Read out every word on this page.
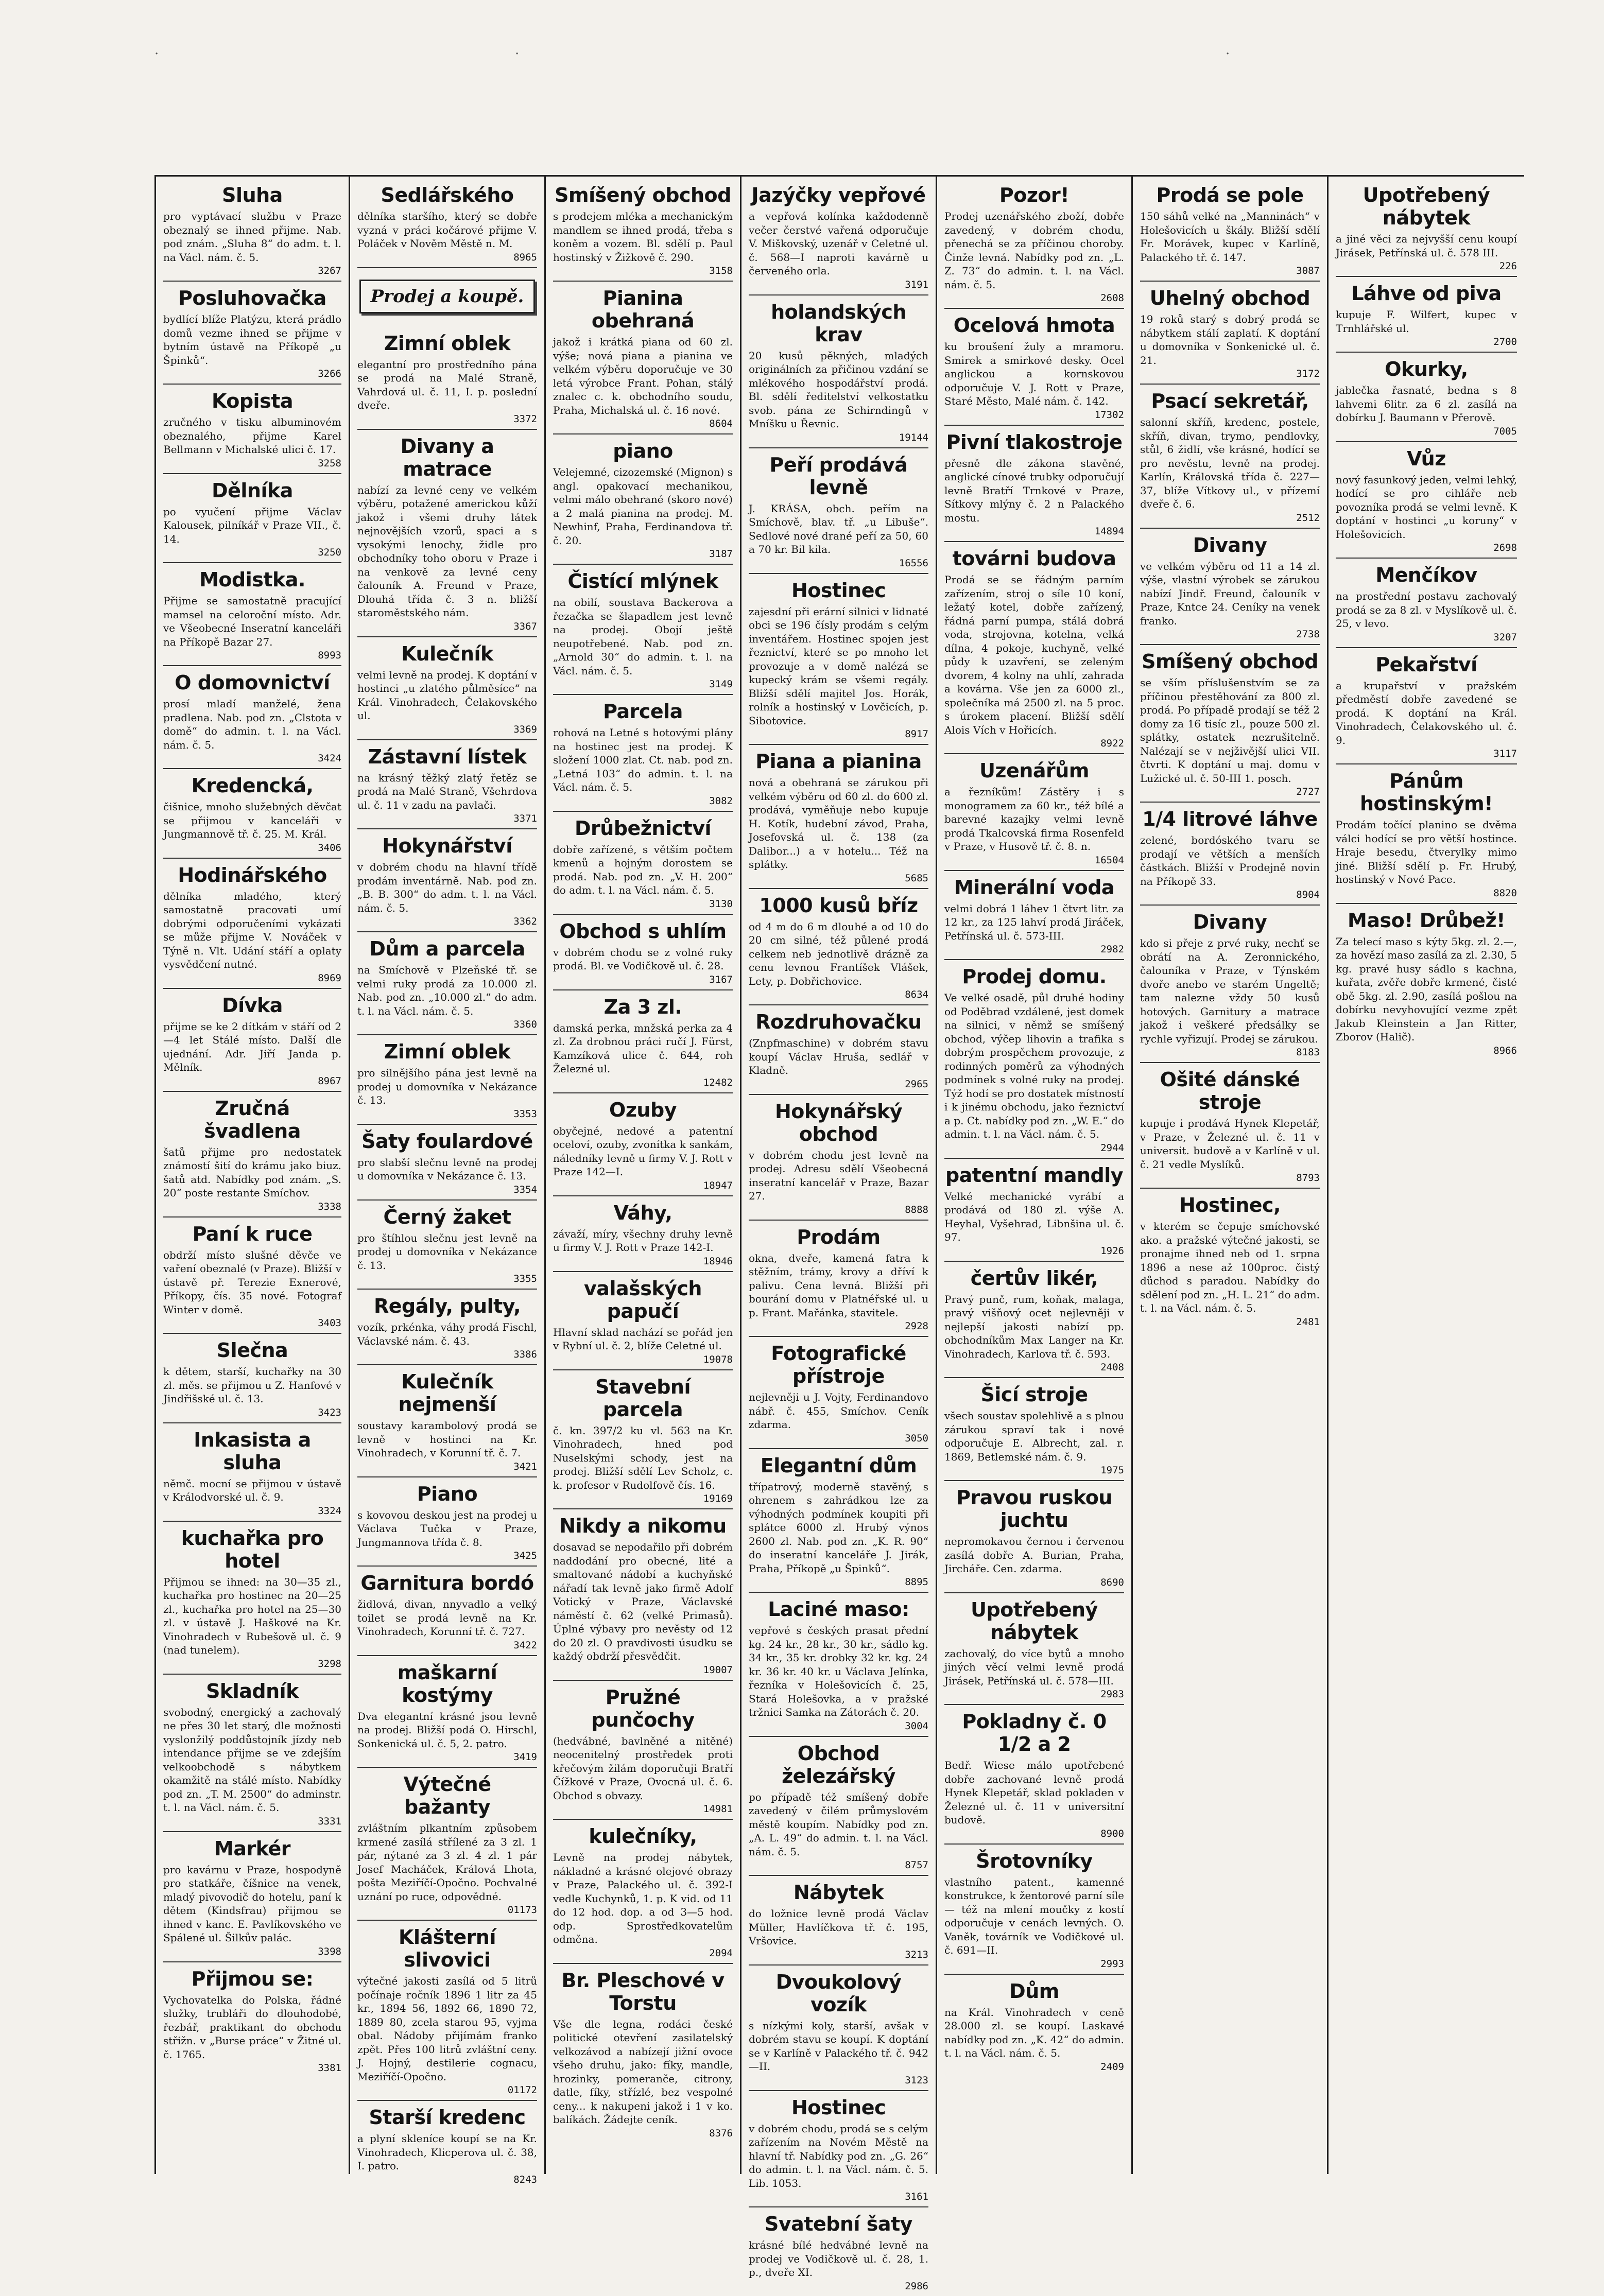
·	·	·
Sluha
pro vyptávací službu v Praze obeznalý se ihned přijme. Nab. pod znám. „Sluha 8“ do adm. t. l. na Václ. nám. č. 5.
3267
Posluhovačka
bydlící blíže Platýzu, která prádlo domů vezme ihned se přijme v bytním ústavě na Příkopě „u Špinků“.
3266
Kopista
zručného v tisku albuminovém obeznalého, přijme Karel Bellmann v Michalské ulici č. 17.
3258
Dělníka
po vyučení přijme Václav Kalousek, pilníkář v Praze VII., č. 14.
3250
Modistka.
Přijme se samostatně pracující mamsel na celoroční místo. Adr. ve Všeobecné Inseratní kanceláři na Příkopě Bazar 27.
8993
O domovnictví
prosí mladí manželé, žena pradlena. Nab. pod zn. „Clstota v domě“ do admin. t. l. na Václ. nám. č. 5.
3424
Kredencká,
čišnice, mnoho služebných děvčat se přijmou v kanceláři v Jungmannově tř. č. 25. M. Král.
3406
Hodinářského
dělníka mladého, který samostatně pracovati umí dobrými odporučeními vykázati se může přijme V. Nováček v Týně n. Vlt. Udání stáří a oplaty vysvědčení nutné.
8969
Dívka
přijme se ke 2 dítkám v stáří od 2—4 let Stálé místo. Další dle ujednání. Adr. Jiří Janda p. Mělník.
8967
Zručná švadlena
šatů přijme pro nedostatek známostí šití do krámu jako biuz. šatů atd. Nabídky pod znám. „S. 20“ poste restante Smíchov.
3338
Paní k ruce
obdrží místo slušné děvče ve vaření obeznalé (v Praze). Bližší v ústavě př. Terezie Exnerové, Příkopy, čís. 35 nové. Fotograf Winter v domě.
3403
Slečna
k dětem, starší, kuchařky na 30 zl. měs. se přijmou u Z. Hanfové v Jindřišské ul. č. 13.
3423
Inkasista a sluha
němč. mocní se přijmou v ústavě v Králodvorské ul. č. 9.
3324
kuchařka pro hotel
Přijmou se ihned: na 30—35 zl., kuchařka pro hostinec na 20—25 zl., kuchařka pro hotel na 25—30 zl. v ústavě J. Haškové na Kr. Vinohradech v Rubešově ul. č. 9 (nad tunelem).
3298
Skladník
svobodný, energický a zachovalý ne přes 30 let starý, dle možnosti vyslonžilý poddůstojník jízdy neb intendance přijme se ve zdejším velkoobchodě s nábytkem okamžitě na stálé místo. Nabídky pod zn. „T. M. 2500“ do adminstr. t. l. na Václ. nám. č. 5.
3331
Markér
pro kavárnu v Praze, hospodyně pro statkáře, číšnice na venek, mladý pivovodič do hotelu, paní k dětem (Kindsfrau) přijmou se ihned v kanc. E. Pavlíkovského ve Spálené ul. Šilkův palác.
3398
Přijmou se:
Vychovatelka do Polska, řádné služky, trubláři do dlouhodobé, řezbář, praktikant do obchodu střižn. v „Burse práce“ v Žitné ul. č. 1765.
3381
Sedlářského
dělníka staršího, který se dobře vyzná v práci kočárové přijme V. Poláček v Nověm Městě n. M.
8965
Prodej a koupě.
Zimní oblek
elegantní pro prostředního pána se prodá na Malé Straně, Vahrdová ul. č. 11, I. p. poslední dveře.
3372
Divany a matrace
nabízí za levné ceny ve velkém výběru, potažené americkou kůží jakož i všemi druhy látek nejnovějších vzorů, spaci a s vysokými lenochy, židle pro obchodníky toho oboru v Praze i na venkově za levné ceny čalouník A. Freund v Praze, Dlouhá třída č. 3 n. bližší staroměstského nám.
3367
Kulečník
velmi levně na prodej. K doptání v hostinci „u zlatého půlměsíce“ na Král. Vinohradech, Čelakovského ul.
3369
Zástavní lístek
na krásný těžký zlatý řetěz se prodá na Malé Straně, Všehrdova ul. č. 11 v zadu na pavlači.
3371
Hokynářství
v dobrém chodu na hlavní třídě prodám inventárně. Nab. pod zn. „B. B. 300“ do adm. t. l. na Václ. nám. č. 5.
3362
Dům a parcela
na Smíchově v Plzeňské tř. se velmi ruky prodá za 10.000 zl. Nab. pod zn. „10.000 zl.“ do adm. t. l. na Václ. nám. č. 5.
3360
Zimní oblek
pro silnějšího pána jest levně na prodej u domovníka v Nekázance č. 13.
3353
Šaty foulardové
pro slabší slečnu levně na prodej u domovníka v Nekázance č. 13.
3354
Černý žaket
pro štíhlou slečnu jest levně na prodej u domovníka v Nekázance č. 13.
3355
Regály, pulty,
vozík, prkénka, váhy prodá Fischl, Václavské nám. č. 43.
3386
Kulečník nejmenší
soustavy karambolový prodá se levně v hostinci na Kr. Vinohradech, v Korunní tř. č. 7.
3421
Piano
s kovovou deskou jest na prodej u Václava Tučka v Praze, Jungmannova třída č. 8.
3425
Garnitura bordó
židlová, divan, nnyvadlo a velký toilet se prodá levně na Kr. Vinohradech, Korunní tř. č. 727.
3422
maškarní kostýmy
Dva elegantní krásné jsou levně na prodej. Bližší podá O. Hirschl, Sonkenická ul. č. 5, 2. patro.
3419
Výtečné bažanty
zvláštním plkantním způsobem krmené zasílá střílené za 3 zl. 1 pár, nýtané za 3 zl. 4 zl. 1 pár Josef Macháček, Králová Lhota, pošta Meziříčí-Opočno. Pochvalné uznání po ruce, odpovědné.
01173
Klášterní slivovici
výtečné jakosti zasílá od 5 litrů počínaje ročník 1896 1 litr za 45 kr., 1894 56, 1892 66, 1890 72, 1889 80, zcela starou 95, vyjma obal. Nádoby přijímám franko zpět. Přes 100 litrů zvláštní ceny. J. Hojný, destilerie cognacu, Meziříčí-Opočno.
01172
Starší kredenc
a plyní skleníce koupí se na Kr. Vinohradech, Klicperova ul. č. 38, I. patro.
8243
Smíšený obchod
s prodejem mléka a mechanickým mandlem se ihned prodá, třeba s koněm a vozem. Bl. sdělí p. Paul hostinský v Žižkově č. 290.
3158
Pianina obehraná
jakož i krátká piana od 60 zl. výše; nová piana a pianina ve velkém výběru doporučuje ve 30 letá výrobce Frant. Pohan, stálý znalec c. k. obchodního soudu, Praha, Michalská ul. č. 16 nové.
8604
piano
Velejemné, cizozemské (Mignon) s angl. opakovací mechanikou, velmi málo obehrané (skoro nové) a 2 malá pianina na prodej. M. Newhinf, Praha, Ferdinandova tř. č. 20.
3187
Čistící mlýnek
na obilí, soustava Backerova a řezačka se šlapadlem jest levně na prodej. Obojí ještě neupotřebené. Nab. pod zn. „Arnold 30“ do admin. t. l. na Václ. nám. č. 5.
3149
Parcela
rohová na Letné s hotovými plány na hostinec jest na prodej. K složení 1000 zlat. Ct. nab. pod zn. „Letná 103“ do admin. t. l. na Václ. nám. č. 5.
3082
Drůbežnictví
dobře zařízené, s větším počtem kmenů a hojným dorostem se prodá. Nab. pod zn. „V. H. 200“ do adm. t. l. na Václ. nám. č. 5.
3130
Obchod s uhlím
v dobrém chodu se z volné ruky prodá. Bl. ve Vodičkově ul. č. 28.
3167
Za 3 zl.
damská perka, mnžská perka za 4 zl. Za drobnou práci ručí J. Fürst, Kamzíková ulice č. 644, roh Železné ul.
12482
Ozuby
obyčejné, nedové a patentní oceloví, ozuby, zvonítka k sankám, náledníky levně u firmy V. J. Rott v Praze 142—I.
18947
Váhy,
závaží, míry, všechny druhy levně u firmy V. J. Rott v Praze 142-I.
18946
valašských papučí
Hlavní sklad nachází se pořád jen v Rybní ul. č. 2, blíže Celetné ul.
19078
Stavební parcela
č. kn. 397/2 ku vl. 563 na Kr. Vinohradech, hned pod Nuselskými schody, jest na prodej. Bližší sdělí Lev Scholz, c. k. profesor v Rudolfově čís. 16.
19169
Nikdy a nikomu
dosavad se nepodařilo při dobrém naddodání pro obecné, lité a smaltované nádobí a kuchyňské nářadí tak levně jako firmě Adolf Votický v Praze, Václavské náměstí č. 62 (velké Primasů). Úplné výbavy pro nevěsty od 12 do 20 zl. O pravdivosti úsudku se každý obdrží přesvědčit.
19007
Pružné punčochy
(hedvábné, bavlněné a nitěné) neocenitelný prostředek proti křečovým žilám doporučuji Bratří Čížkové v Praze, Ovocná ul. č. 6. Obchod s obvazy.
14981
kulečníky,
Levně na prodej nábytek, nákladné a krásné olejové obrazy v Praze, Palackého ul. č. 392-I vedle Kuchynků, 1. p. K vid. od 11 do 12 hod. dop. a od 3—5 hod. odp. Sprostředkovatelům odměna.
2094
Br. Pleschové v Torstu
Vše dle legna, rodáci české politické otevření zasilatelský velkozávod a nabízejí jižní ovoce všeho druhu, jako: fíky, mandle, hrozinky, pomeranče, citrony, datle, fíky, střízlé, bez vespolné ceny... k nakupeni jakož i 1 v ko. balíkách. Žádejte ceník.
8376
Jazýčky vepřové
a vepřová kolínka každodenně večer čerstvé vařená odporučuje V. Miškovský, uzenář v Celetné ul. č. 568—I naproti kavárně u červeného orla.
3191
holandských krav
20 kusů pěkných, mladých originálních za přičinou vzdání se mlékového hospodářství prodá. Bl. sdělí ředitelství velkostatku svob. pána ze Schirndingů v Mníšku u Řevnic.
19144
Peří prodává levně
J. KRÁSA, obch. peřím na Smíchově, blav. tř. „u Libuše“. Sedlové nové drané peří za 50, 60 a 70 kr. Bil kila.
16556
Hostinec
zajesdní při erární silnici v lidnaté obci se 196 čísly prodám s celým inventářem. Hostinec spojen jest řeznictví, které se po mnoho let provozuje a v domě nalézá se kupecký krám se všemi regály. Bližší sdělí majitel Jos. Horák, rolník a hostinský v Lovčicích, p. Sibotovice.
8917
Piana a pianina
nová a obehraná se zárukou při velkém výběru od 60 zl. do 600 zl. prodává, vyměňuje nebo kupuje H. Kotík, hudební závod, Praha, Josefovská ul. č. 138 (za Dalibor...) a v hotelu... Též na splátky.
5685
1000 kusů bříz
od 4 m do 6 m dlouhé a od 10 do 20 cm silné, též půlené prodá celkem neb jednotlivě drázně za cenu levnou Frantíšek Vlášek, Lety, p. Dobřichovice.
8634
Rozdruhovačku
(Znpfmaschine) v dobrém stavu koupí Václav Hruša, sedlář v Kladně.
2965
Hokynářský obchod
v dobrém chodu jest levně na prodej. Adresu sdělí Všeobecná inseratní kancelář v Praze, Bazar 27.
8888
Prodám
okna, dveře, kamená fatra k stěžním, trámy, krovy a dříví k palivu. Cena levná. Bližší při bourání domu v Platnéřské ul. u p. Frant. Mařánka, stavitele.
2928
Fotografické přístroje
nejlevněji u J. Vojty, Ferdinandovo nábř. č. 455, Smíchov. Ceník zdarma.
3050
Elegantní dům
třípatrový, moderně stavěný, s ohrenem s zahrádkou lze za výhodných podmínek koupiti při splátce 6000 zl. Hrubý výnos 2600 zl. Nab. pod zn. „K. R. 90“ do inseratní kanceláře J. Jirák, Praha, Příkopě „u Špinků“.
8895
Laciné maso:
vepřové s českých prasat přední kg. 24 kr., 28 kr., 30 kr., sádlo kg. 34 kr., 35 kr. drobky 32 kr. kg. 24 kr. 36 kr. 40 kr. u Václava Jelínka, řezníka v Holešovicích č. 25, Stará Holešovka, a v pražské tržnici Samka na Zátorách č. 20.
3004
Obchod železářský
po případě též smíšený dobře zavedený v čilém průmyslovém městě koupím. Nabídky pod zn. „A. L. 49“ do admin. t. l. na Václ. nám. č. 5.
8757
Nábytek
do ložnice levně prodá Václav Müller, Havlíčkova tř. č. 195, Vršovice.
3213
Dvoukolový vozík
s nízkými koly, starší, avšak v dobrém stavu se koupí. K doptání se v Karlíně v Palackého tř. č. 942—II.
3123
Hostinec
v dobrém chodu, prodá se s celým zařízením na Novém Městě na hlavní tř. Nabídky pod zn. „G. 26“ do admin. t. l. na Václ. nám. č. 5. Lib. 1053.
3161
Svatební šaty
krásné bílé hedvábné levně na prodej ve Vodičkově ul. č. 28, 1. p., dveře XI.
2986
Pozor!
Prodej uzenářského zboží, dobře zavedený, v dobrém chodu, přenechá se za příčinou choroby. Činže levná. Nabídky pod zn. „L. Z. 73“ do admin. t. l. na Václ. nám. č. 5.
2608
Ocelová hmota
ku broušení žuly a mramoru. Smirek a smirkové desky. Ocel anglickou a kornskovou odporučuje V. J. Rott v Praze, Staré Město, Malé nám. č. 142.
17302
Pivní tlakostroje
přesně dle zákona stavěné, anglické cínové trubky odporučují levně Bratří Trnkové v Praze, Sítkovy mlýny č. 2 n Palackého mostu.
14894
továrni budova
Prodá se se řádným parním zařízením, stroj o síle 10 koní, ležatý kotel, dobře zařízený, řádná parní pumpa, stálá dobrá voda, strojovna, kotelna, velká dílna, 4 pokoje, kuchyně, velké půdy k uzavření, se zeleným dvorem, 4 kolny na uhlí, zahrada a kovárna. Vše jen za 6000 zl., společníka má 2500 zl. na 5 proc. s úrokem placení. Bližší sdělí Alois Vích v Hořicích.
8922
Uzenářům
a řezníkům! Zástěry i s monogramem za 60 kr., též bílé a barevné kazajky velmi levně prodá Tkalcovská firma Rosenfeld v Praze, v Husově tř. č. 8. n.
16504
Minerální voda
velmi dobrá 1 láhev 1 čtvrt litr. za 12 kr., za 125 lahví prodá Jiráček, Petřínská ul. č. 573-III.
2982
Prodej domu.
Ve velké osadě, půl druhé hodiny od Poděbrad vzdálené, jest domek na silnici, v němž se smíšený obchod, výčep lihovin a trafika s dobrým prospěchem provozuje, z rodinných poměrů za výhodných podmínek s volné ruky na prodej. Týž hodí se pro dostatek místností i k jinému obchodu, jako řeznictví a p. Ct. nabídky pod zn. „W. E.“ do admin. t. l. na Václ. nám. č. 5.
2944
patentní mandly
Velké mechanické vyrábí a prodává od 180 zl. výše A. Heyhal, Vyšehrad, Libnšina ul. č. 97.
1926
čertův likér,
Pravý punč, rum, koňak, malaga, pravý višňový ocet nejlevněji v nejlepší jakosti nabízí pp. obchodníkům Max Langer na Kr. Vinohradech, Karlova tř. č. 593.
2408
Šicí stroje
všech soustav spolehlivě a s plnou zárukou spraví tak i nové odporučuje E. Albrecht, zal. r. 1869, Betlemské nám. č. 9.
1975
Pravou ruskou juchtu
nepromokavou černou i červenou zasílá dobře A. Burian, Praha, Jircháře. Cen. zdarma.
8690
Upotřebený nábytek
zachovalý, do více bytů a mnoho jiných věcí velmi levně prodá Jirásek, Petřínská ul. č. 578—III.
2983
Pokladny č. 0 1/2 a 2
Bedř. Wiese málo upotřebené dobře zachované levně prodá Hynek Klepetář, sklad pokladen v Železné ul. č. 11 v universitní budově.
8900
Šrotovníky
vlastního patent., kamenné konstrukce, k žentorové parní síle — též na mlení moučky z kostí odporučuje v cenách levných. O. Vaněk, továrník ve Vodičkové ul. č. 691—II.
2993
Dům
na Král. Vinohradech v ceně 28.000 zl. se koupí. Laskavé nabídky pod zn. „K. 42“ do admin. t. l. na Václ. nám. č. 5.
2409
Prodá se pole
150 sáhů velké na „Manninách“ v Holešovicích u škály. Bližší sdělí Fr. Morávek, kupec v Karlíně, Palackého tř. č. 147.
3087
Uhelný obchod
19 roků starý s dobrý prodá se nábytkem stálí zaplatí. K doptání u domovníka v Sonkenické ul. č. 21.
3172
Psací sekretář,
salonní skříň, kredenc, postele, skříň, divan, trymo, pendlovky, stůl, 6 židlí, vše krásné, hodící se pro nevěstu, levně na prodej. Karlín, Královská třída č. 227—37, blíže Vítkovy ul., v přízemí dveře č. 6.
2512
Divany
ve velkém výběru od 11 a 14 zl. výše, vlastní výrobek se zárukou nabízí Jindř. Freund, čalouník v Praze, Kntce 24. Ceníky na venek franko.
2738
Smíšený obchod
se vším příslušenstvím se za příčinou přestěhování za 800 zl. prodá. Po případě prodají se též 2 domy za 16 tisíc zl., pouze 500 zl. splátky, ostatek nezrušitelně. Nalézají se v nejživější ulici VII. čtvrti. K doptání u maj. domu v Lužické ul. č. 50-III 1. posch.
2727
1/4 litrové láhve
zelené, bordóského tvaru se prodají ve větších a menších částkách. Bližší v Prodejně novin na Příkopě 33.
8904
Divany
kdo si přeje z prvé ruky, nechť se obrátí na A. Zeronnického, čalouníka v Praze, v Týnském dvoře anebo ve starém Ungeltě; tam nalezne vždy 50 kusů hotových. Garnitury a matrace jakož i veškeré předsálky se rychle vyřizují. Prodej se zárukou.
8183
Ošité dánské stroje
kupuje i prodává Hynek Klepetář, v Praze, v Železné ul. č. 11 v universit. budově a v Karlíně v ul. č. 21 vedle Myslíků.
8793
Hostinec,
v kterém se čepuje smíchovské ako. a pražské výtečné jakosti, se pronajme ihned neb od 1. srpna 1896 a nese až 100proc. čistý důchod s paradou. Nabídky do sdělení pod zn. „H. L. 21“ do adm. t. l. na Václ. nám. č. 5.
2481
Upotřebený nábytek
a jiné věci za nejvyšší cenu koupí Jirásek, Petřínská ul. č. 578 III.
226
Láhve od piva
kupuje F. Wilfert, kupec v Trnhlářské ul.
2700
Okurky,
jablečka řasnaté, bedna s 8 lahvemi 6litr. za 6 zl. zasílá na dobírku J. Baumann v Přerově.
7005
Vůz
nový fasunkový jeden, velmi lehký, hodící se pro cihláře neb povozníka prodá se velmi levně. K doptání v hostinci „u koruny“ v Holešovicích.
2698
Menčíkov
na prostřední postavu zachovalý prodá se za 8 zl. v Myslíkově ul. č. 25, v levo.
3207
Pekařství
a krupařství v pražském předměstí dobře zavedené se prodá. K doptání na Král. Vinohradech, Čelakovského ul. č. 9.
3117
Pánům hostinským!
Prodám točící planino se dvěma válci hodící se pro větší hostince. Hraje besedu, čtverylky mimo jiné. Bližší sdělí p. Fr. Hrubý, hostinský v Nové Pace.
8820
Maso! Drůbež!
Za telecí maso s kýty 5kg. zl. 2.—, za hovězí maso zasílá za zl. 2.30, 5 kg. pravé husy sádlo s kachna, kuřata, zvěře dobře krmené, čisté obě 5kg. zl. 2.90, zasílá pošlou na dobírku nevyhovující vezme zpět Jakub Kleinstein a Jan Ritter, Zborov (Halič).
8966
